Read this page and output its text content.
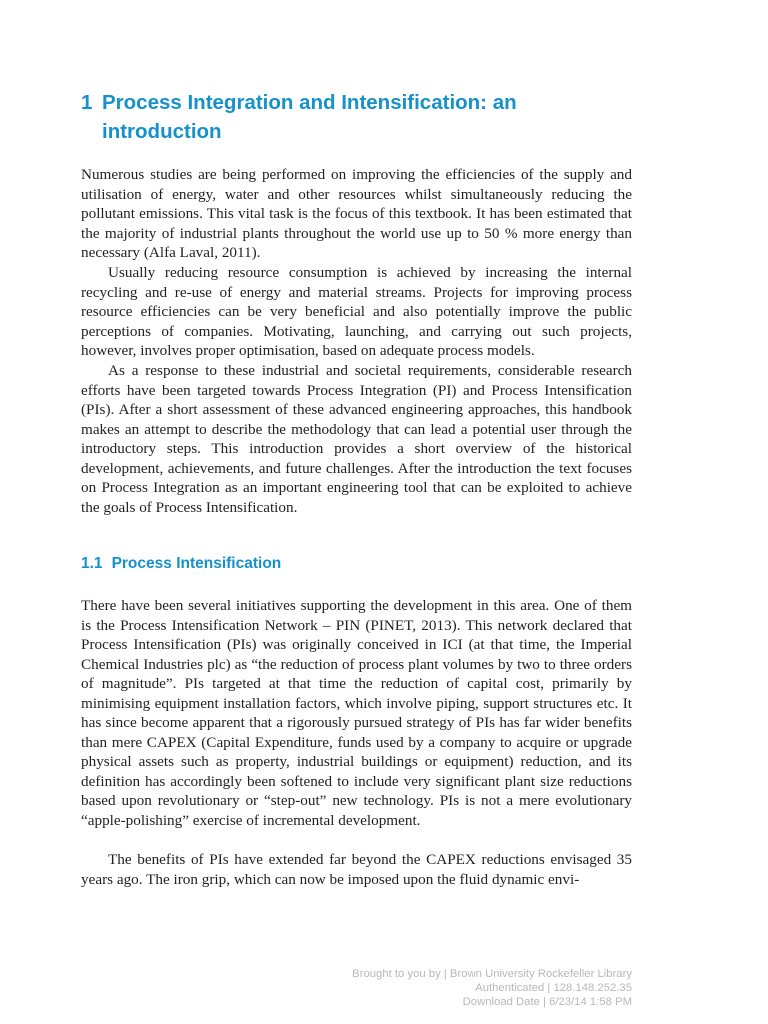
1 Process Integration and Intensification: an introduction

Numerous studies are being performed on improving the efficiencies of the supply and utilisation of energy, water and other resources whilst simultaneously reducing the pollutant emissions. This vital task is the focus of this textbook. It has been estimated that the majority of industrial plants throughout the world use up to 50 % more energy than necessary (Alfa Laval, 2011).

Usually reducing resource consumption is achieved by increasing the internal recycling and re-use of energy and material streams. Projects for improving process resource efficiencies can be very beneficial and also potentially improve the public perceptions of companies. Motivating, launching, and carrying out such projects, however, involves proper optimisation, based on adequate process models.

As a response to these industrial and societal requirements, considerable research efforts have been targeted towards Process Integration (PI) and Process Intensification (PIs). After a short assessment of these advanced engineering approaches, this handbook makes an attempt to describe the methodology that can lead a potential user through the introductory steps. This introduction provides a short overview of the historical development, achievements, and future challenges. After the introduction the text focuses on Process Integration as an important engineering tool that can be exploited to achieve the goals of Process Intensification.

1.1 Process Intensification

There have been several initiatives supporting the development in this area. One of them is the Process Intensification Network – PIN (PINET, 2013). This network declared that Process Intensification (PIs) was originally conceived in ICI (at that time, the Imperial Chemical Industries plc) as “the reduction of process plant volumes by two to three orders of magnitude”. PIs targeted at that time the reduction of capital cost, primarily by minimising equipment installation factors, which involve piping, support structures etc. It has since become apparent that a rigorously pursued strategy of PIs has far wider benefits than mere CAPEX (Capital Expenditure, funds used by a company to acquire or upgrade physical assets such as property, industrial buildings or equipment) reduction, and its definition has accordingly been softened to include very significant plant size reductions based upon revolutionary or “step-out” new technology. PIs is not a mere evolutionary “apple-polishing” exercise of incremental development.

The benefits of PIs have extended far beyond the CAPEX reductions envisaged 35 years ago. The iron grip, which can now be imposed upon the fluid dynamic envi-

Brought to you by | Brown University Rockefeller Library
Authenticated | 128.148.252.35
Download Date | 6/23/14 1:58 PM
